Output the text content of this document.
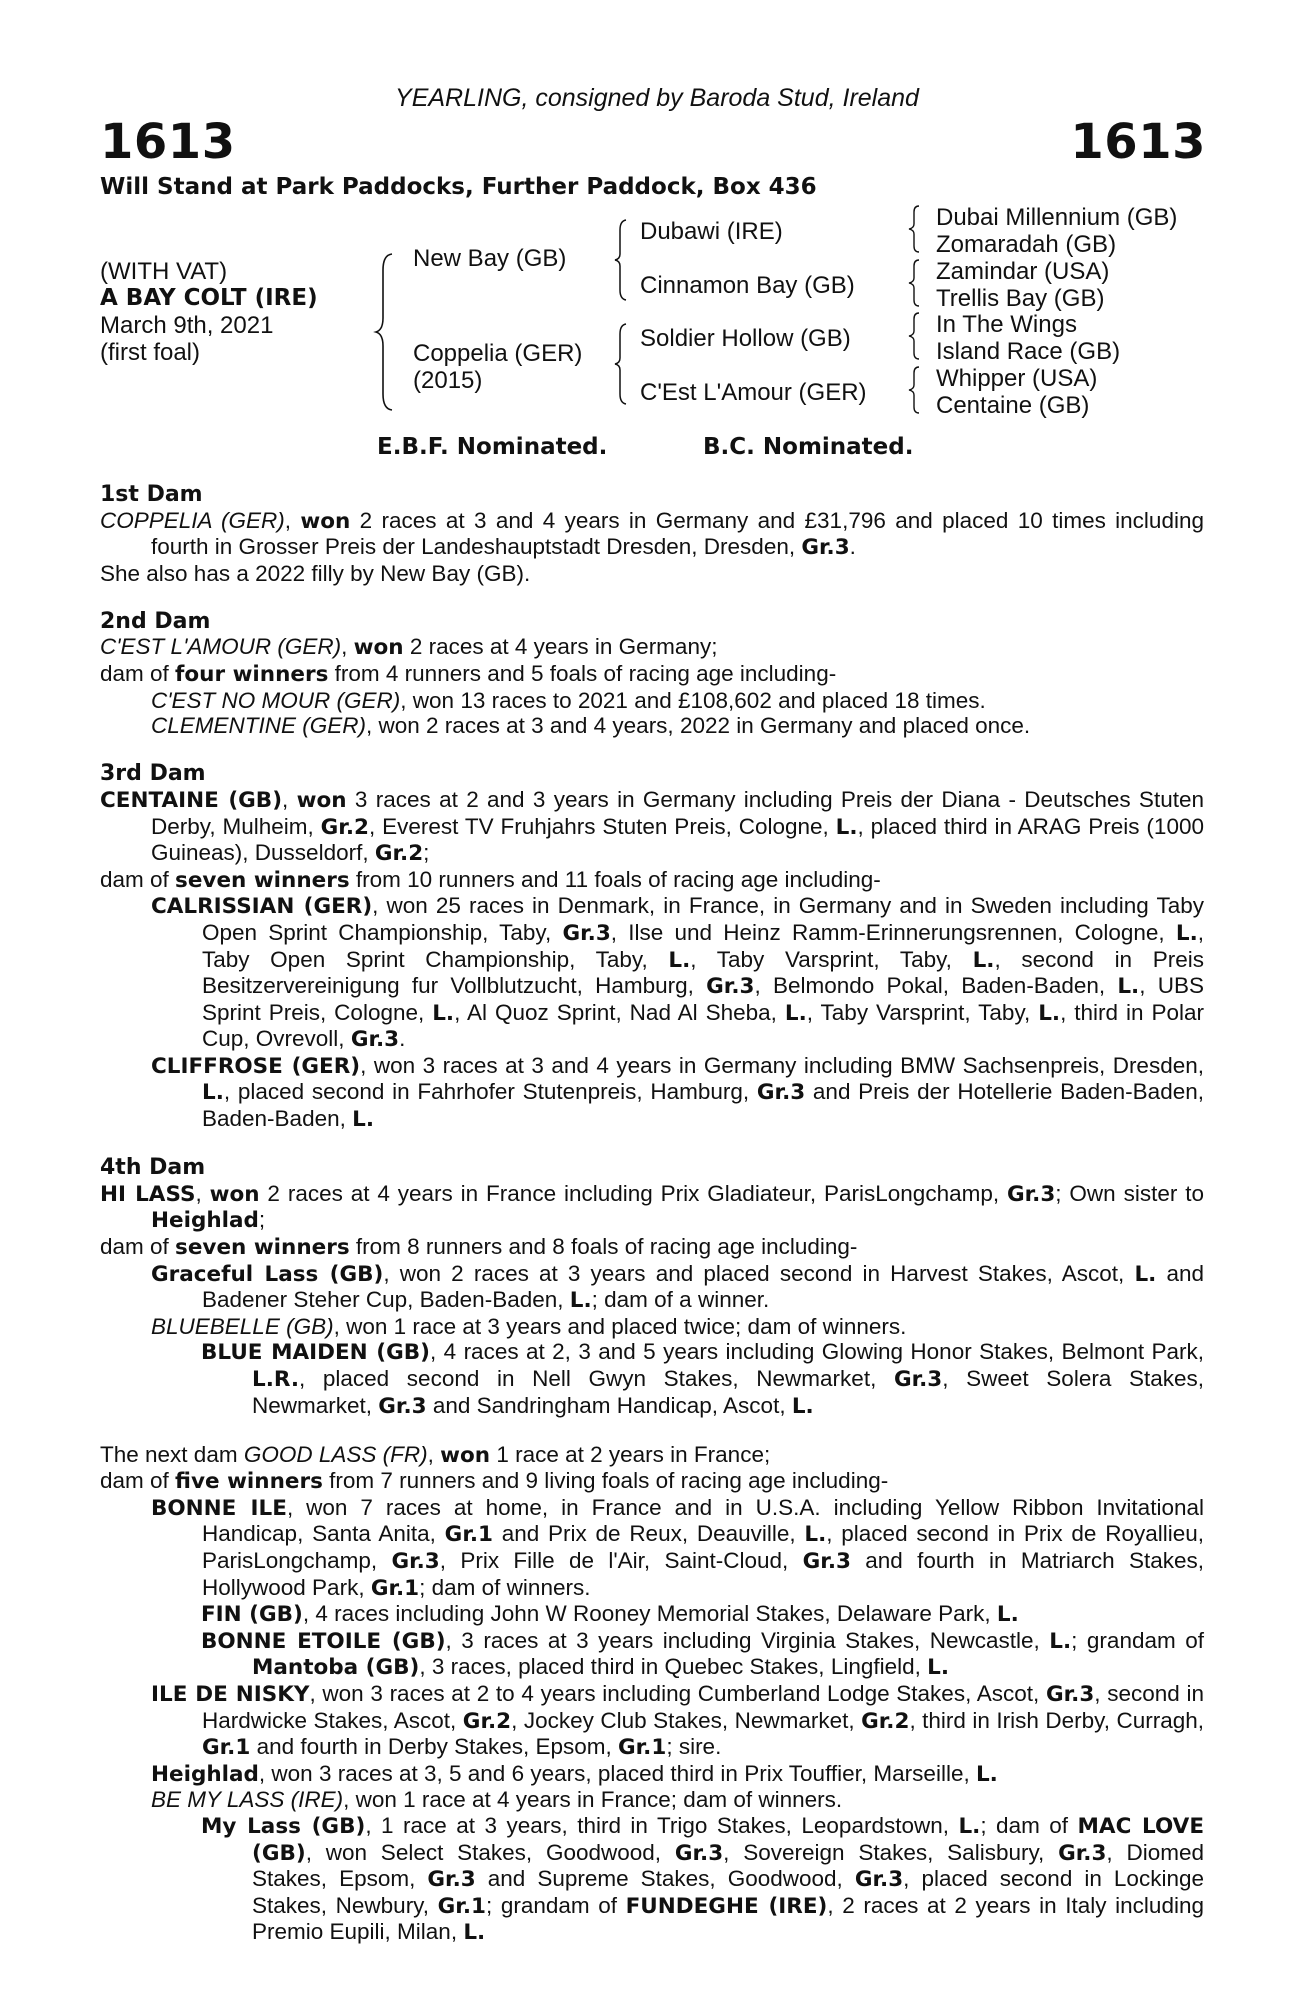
YEARLING, consigned by Baroda Stud, Ireland
1613	1613
Will Stand at Park Paddocks, Further Paddock, Box 436
(WITH VAT)
A BAY COLT (IRE)
March 9th, 2021
(first foal)
New Bay (GB)
Coppelia (GER)
(2015)
Dubawi (IRE)
Cinnamon Bay (GB)
Soldier Hollow (GB)
C'Est L'Amour (GER)
Dubai Millennium (GB)
Zomaradah (GB)
Zamindar (USA)
Trellis Bay (GB)
In The Wings
Island Race (GB)
Whipper (USA)
Centaine (GB)
E.B.F. Nominated.	B.C. Nominated.
1st Dam
COPPELIA (GER), won 2 races at 3 and 4 years in Germany and £31,796 and placed 10 times including fourth in Grosser Preis der Landeshauptstadt Dresden, Dresden, Gr.3.
She also has a 2022 filly by New Bay (GB).
2nd Dam
C'EST L'AMOUR (GER), won 2 races at 4 years in Germany;
dam of four winners from 4 runners and 5 foals of racing age including-
C'EST NO MOUR (GER), won 13 races to 2021 and £108,602 and placed 18 times.
CLEMENTINE (GER), won 2 races at 3 and 4 years, 2022 in Germany and placed once.
3rd Dam
CENTAINE (GB), won 3 races at 2 and 3 years in Germany including Preis der Diana - Deutsches Stuten Derby, Mulheim, Gr.2, Everest TV Fruhjahrs Stuten Preis, Cologne, L., placed third in ARAG Preis (1000 Guineas), Dusseldorf, Gr.2;
dam of seven winners from 10 runners and 11 foals of racing age including-
CALRISSIAN (GER), won 25 races in Denmark, in France, in Germany and in Sweden including Taby Open Sprint Championship, Taby, Gr.3, Ilse und Heinz Ramm-Erinnerungsrennen, Cologne, L., Taby Open Sprint Championship, Taby, L., Taby Varsprint, Taby, L., second in Preis Besitzervereinigung fur Vollblutzucht, Hamburg, Gr.3, Belmondo Pokal, Baden-Baden, L., UBS Sprint Preis, Cologne, L., Al Quoz Sprint, Nad Al Sheba, L., Taby Varsprint, Taby, L., third in Polar Cup, Ovrevoll, Gr.3.
CLIFFROSE (GER), won 3 races at 3 and 4 years in Germany including BMW Sachsenpreis, Dresden, L., placed second in Fahrhofer Stutenpreis, Hamburg, Gr.3 and Preis der Hotellerie Baden-Baden, Baden-Baden, L.
4th Dam
HI LASS, won 2 races at 4 years in France including Prix Gladiateur, ParisLongchamp, Gr.3; Own sister to Heighlad;
dam of seven winners from 8 runners and 8 foals of racing age including-
Graceful Lass (GB), won 2 races at 3 years and placed second in Harvest Stakes, Ascot, L. and Badener Steher Cup, Baden-Baden, L.; dam of a winner.
BLUEBELLE (GB), won 1 race at 3 years and placed twice; dam of winners.
BLUE MAIDEN (GB), 4 races at 2, 3 and 5 years including Glowing Honor Stakes, Belmont Park, L.R., placed second in Nell Gwyn Stakes, Newmarket, Gr.3, Sweet Solera Stakes, Newmarket, Gr.3 and Sandringham Handicap, Ascot, L.
The next dam GOOD LASS (FR), won 1 race at 2 years in France;
dam of five winners from 7 runners and 9 living foals of racing age including-
BONNE ILE, won 7 races at home, in France and in U.S.A. including Yellow Ribbon Invitational Handicap, Santa Anita, Gr.1 and Prix de Reux, Deauville, L., placed second in Prix de Royallieu, ParisLongchamp, Gr.3, Prix Fille de l'Air, Saint-Cloud, Gr.3 and fourth in Matriarch Stakes, Hollywood Park, Gr.1; dam of winners.
FIN (GB), 4 races including John W Rooney Memorial Stakes, Delaware Park, L.
BONNE ETOILE (GB), 3 races at 3 years including Virginia Stakes, Newcastle, L.; grandam of Mantoba (GB), 3 races, placed third in Quebec Stakes, Lingfield, L.
ILE DE NISKY, won 3 races at 2 to 4 years including Cumberland Lodge Stakes, Ascot, Gr.3, second in Hardwicke Stakes, Ascot, Gr.2, Jockey Club Stakes, Newmarket, Gr.2, third in Irish Derby, Curragh, Gr.1 and fourth in Derby Stakes, Epsom, Gr.1; sire.
Heighlad, won 3 races at 3, 5 and 6 years, placed third in Prix Touffier, Marseille, L.
BE MY LASS (IRE), won 1 race at 4 years in France; dam of winners.
My Lass (GB), 1 race at 3 years, third in Trigo Stakes, Leopardstown, L.; dam of MAC LOVE (GB), won Select Stakes, Goodwood, Gr.3, Sovereign Stakes, Salisbury, Gr.3, Diomed Stakes, Epsom, Gr.3 and Supreme Stakes, Goodwood, Gr.3, placed second in Lockinge Stakes, Newbury, Gr.1; grandam of FUNDEGHE (IRE), 2 races at 2 years in Italy including Premio Eupili, Milan, L.
